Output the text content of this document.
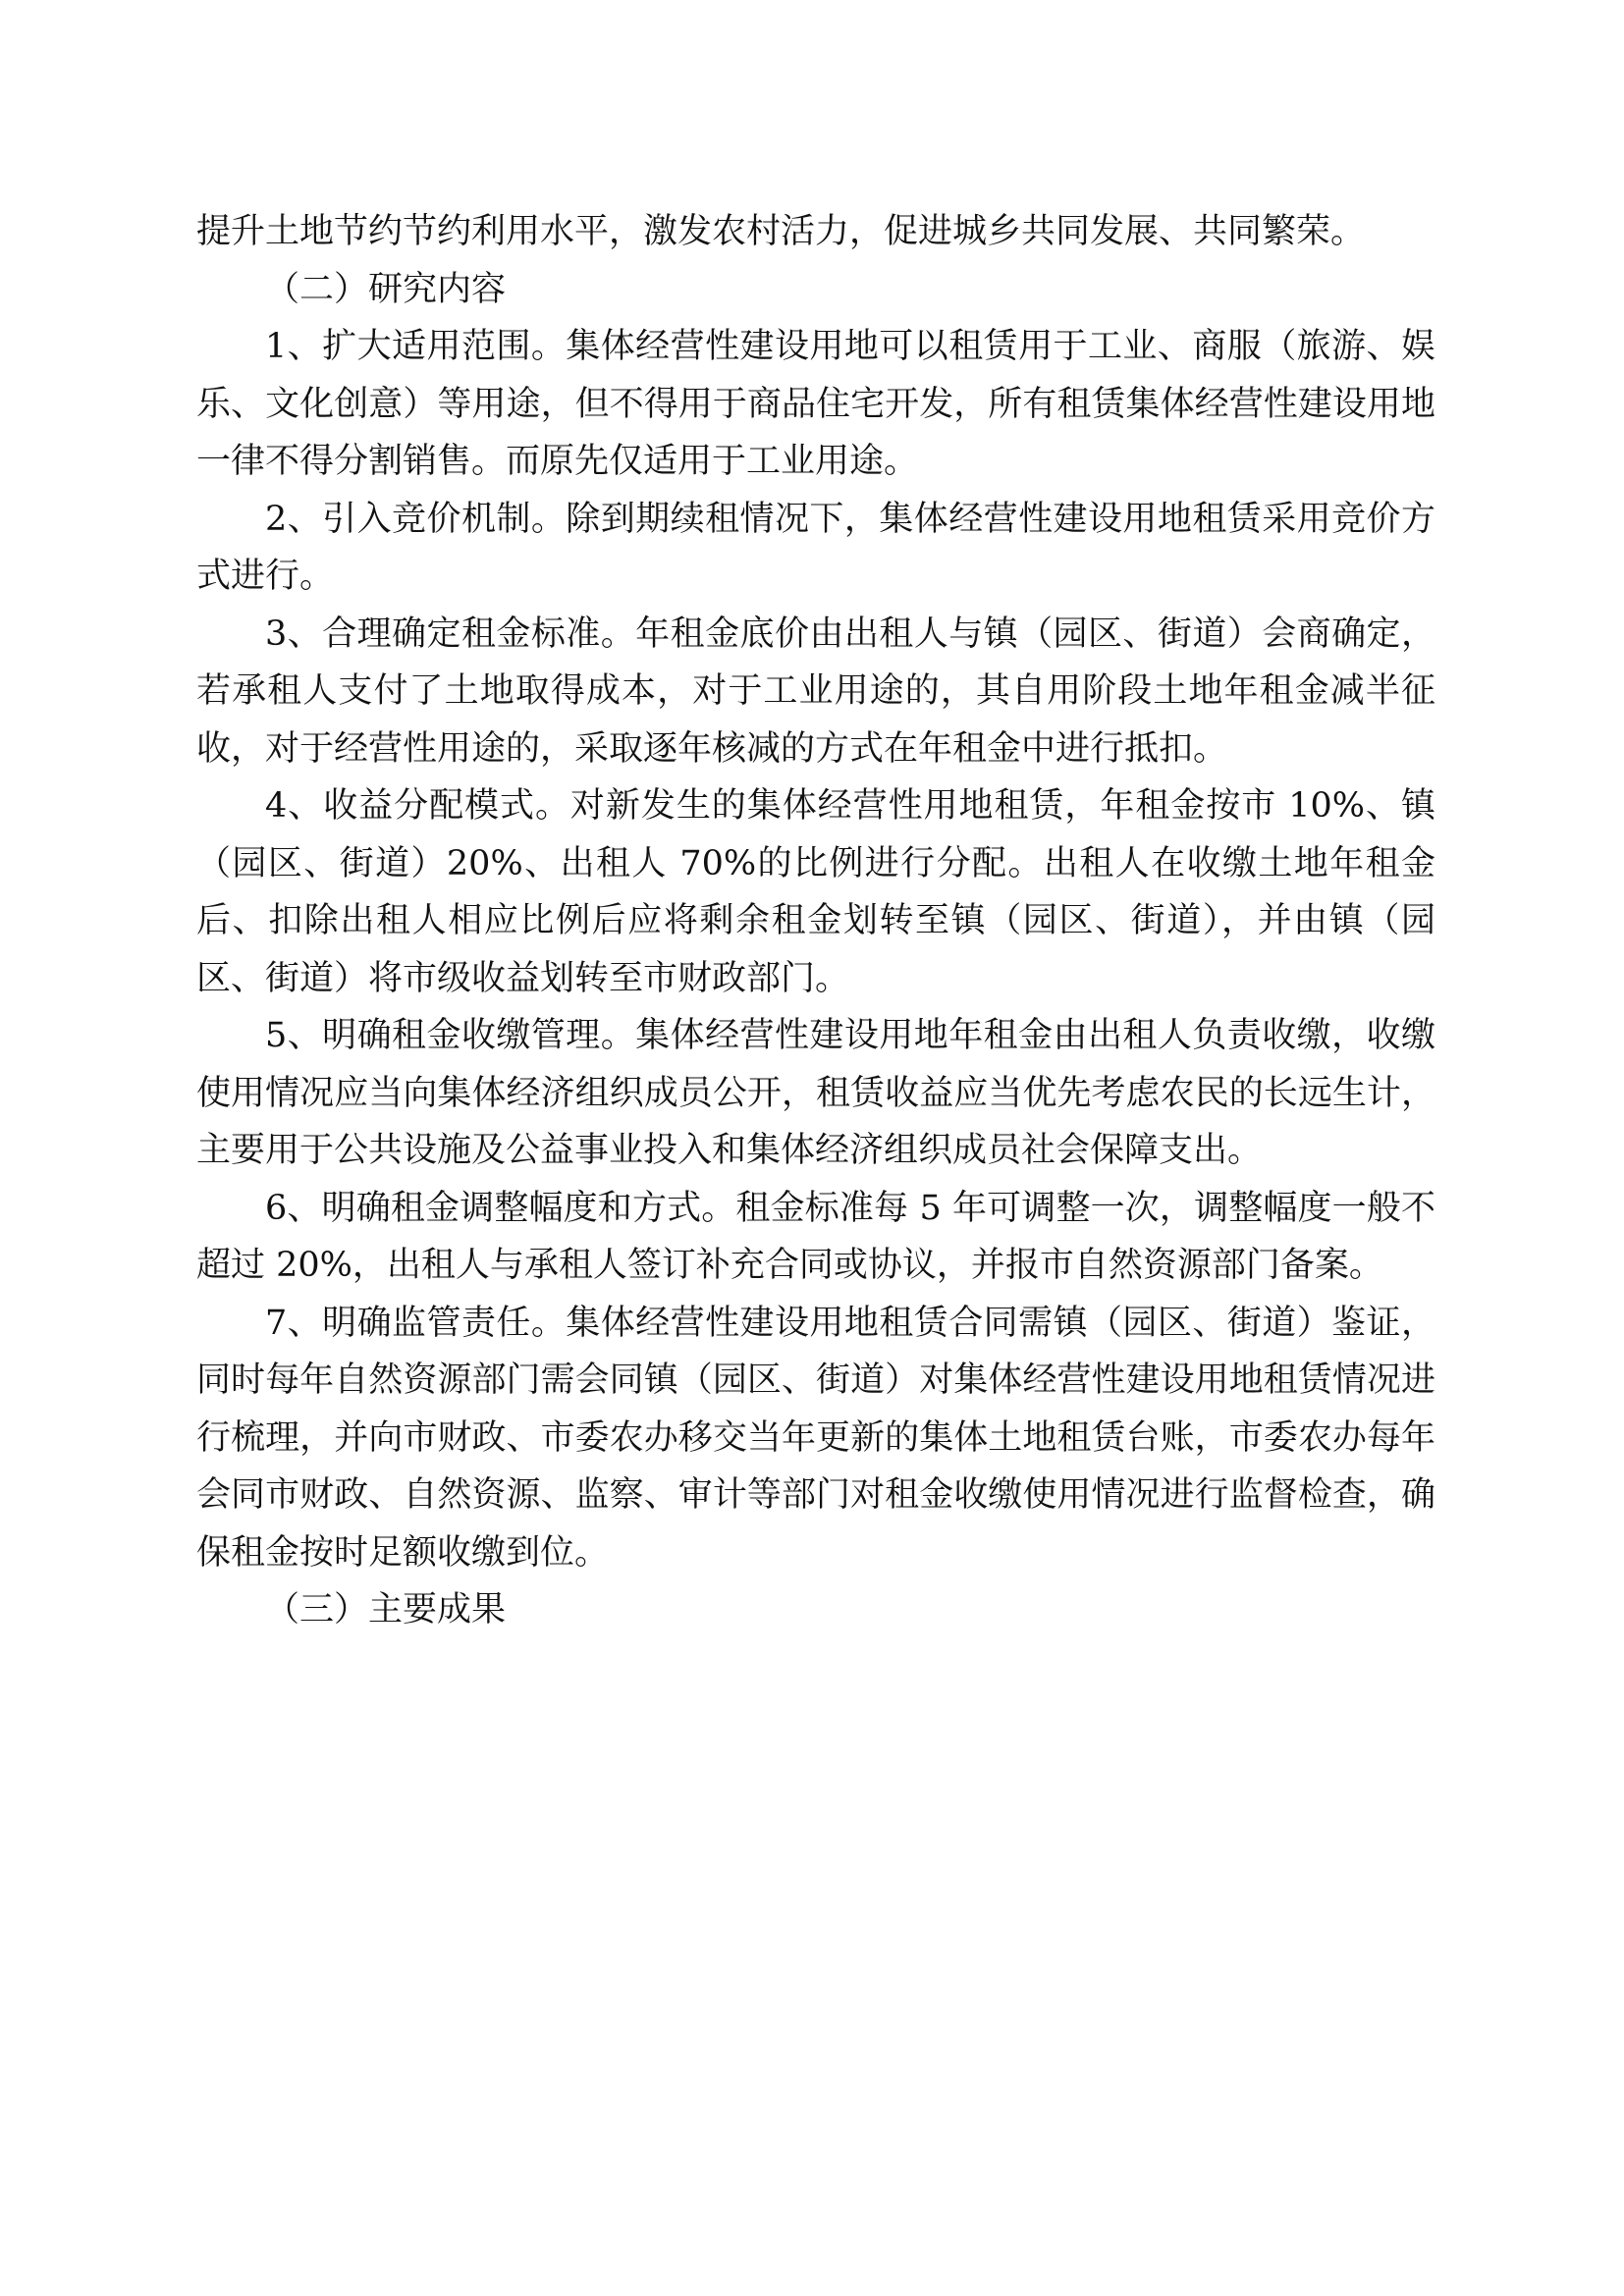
提升土地节约节约利用水平，激发农村活力，促进城乡共同发展、共同繁荣。

（二）研究内容

1、扩大适用范围。集体经营性建设用地可以租赁用于工业、商服（旅游、娱乐、文化创意）等用途，但不得用于商品住宅开发，所有租赁集体经营性建设用地一律不得分割销售。而原先仅适用于工业用途。

2、引入竞价机制。除到期续租情况下，集体经营性建设用地租赁采用竞价方式进行。

3、合理确定租金标准。年租金底价由出租人与镇（园区、街道）会商确定，若承租人支付了土地取得成本，对于工业用途的，其自用阶段土地年租金减半征收，对于经营性用途的，采取逐年核减的方式在年租金中进行抵扣。

4、收益分配模式。对新发生的集体经营性用地租赁，年租金按市 10%、镇（园区、街道）20%、出租人 70%的比例进行分配。出租人在收缴土地年租金后、扣除出租人相应比例后应将剩余租金划转至镇（园区、街道），并由镇（园区、街道）将市级收益划转至市财政部门。

5、明确租金收缴管理。集体经营性建设用地年租金由出租人负责收缴，收缴使用情况应当向集体经济组织成员公开，租赁收益应当优先考虑农民的长远生计，主要用于公共设施及公益事业投入和集体经济组织成员社会保障支出。

6、明确租金调整幅度和方式。租金标准每 5 年可调整一次，调整幅度一般不超过 20%，出租人与承租人签订补充合同或协议，并报市自然资源部门备案。

7、明确监管责任。集体经营性建设用地租赁合同需镇（园区、街道）鉴证，同时每年自然资源部门需会同镇（园区、街道）对集体经营性建设用地租赁情况进行梳理，并向市财政、市委农办移交当年更新的集体土地租赁台账，市委农办每年会同市财政、自然资源、监察、审计等部门对租金收缴使用情况进行监督检查，确保租金按时足额收缴到位。

（三）主要成果
